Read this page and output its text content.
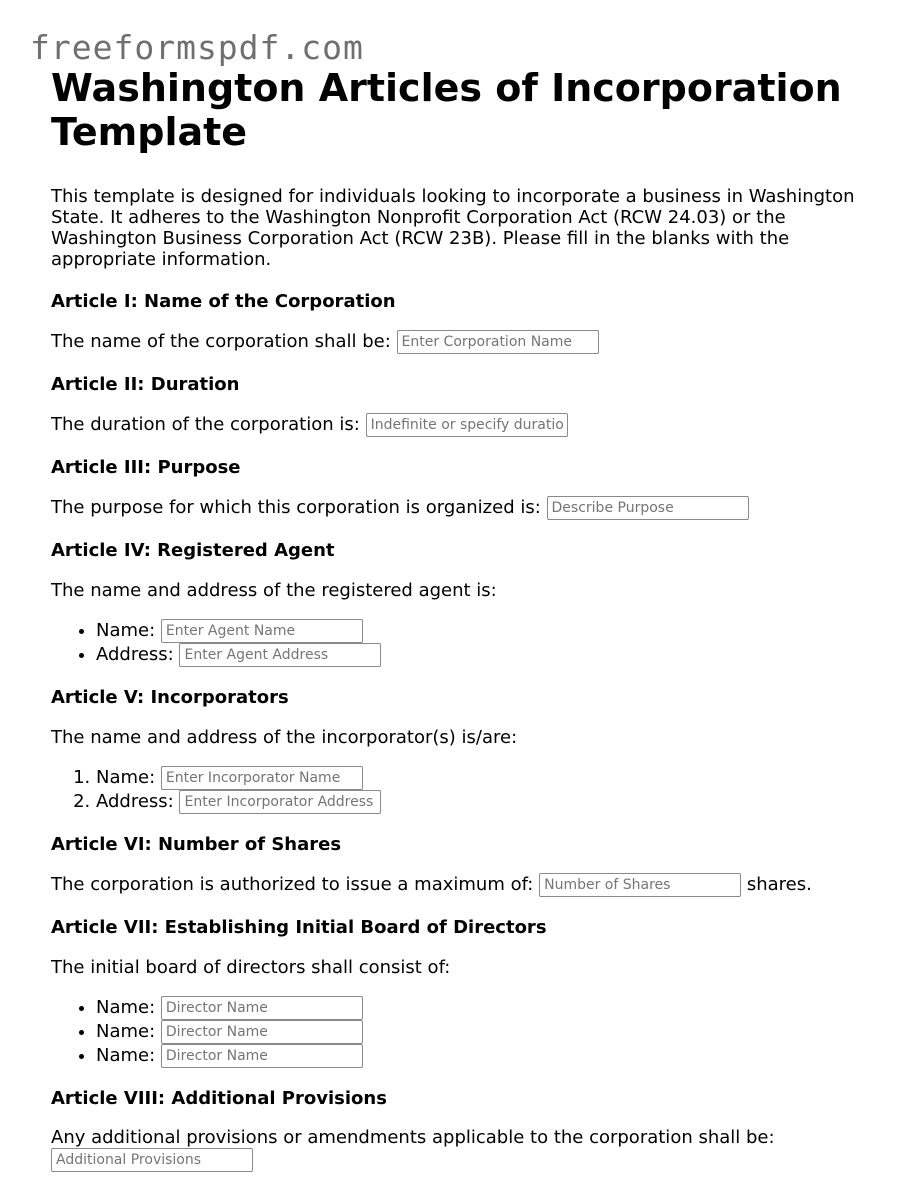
freeformspdf.com
Washington Articles of Incorporation Template

This template is designed for individuals looking to incorporate a business in Washington State. It adheres to the Washington Nonprofit Corporation Act (RCW 24.03) or the Washington Business Corporation Act (RCW 23B). Please fill in the blanks with the appropriate information.

Article I: Name of the Corporation
The name of the corporation shall be: Enter Corporation Name
Article II: Duration
The duration of the corporation is: Indefinite or specify duration
Article III: Purpose
The purpose for which this corporation is organized is: Describe Purpose
Article IV: Registered Agent
The name and address of the registered agent is:
• Name: Enter Agent Name
• Address: Enter Agent Address
Article V: Incorporators
The name and address of the incorporator(s) is/are:
1. Name: Enter Incorporator Name
2. Address: Enter Incorporator Address
Article VI: Number of Shares
The corporation is authorized to issue a maximum of: Number of Shares	shares.
Article VII: Establishing Initial Board of Directors
The initial board of directors shall consist of:
• Name: Director Name
• Name: Director Name
• Name: Director Name
Article VIII: Additional Provisions

Any additional provisions or amendments applicable to the corporation shall be:

Additional Provisions
